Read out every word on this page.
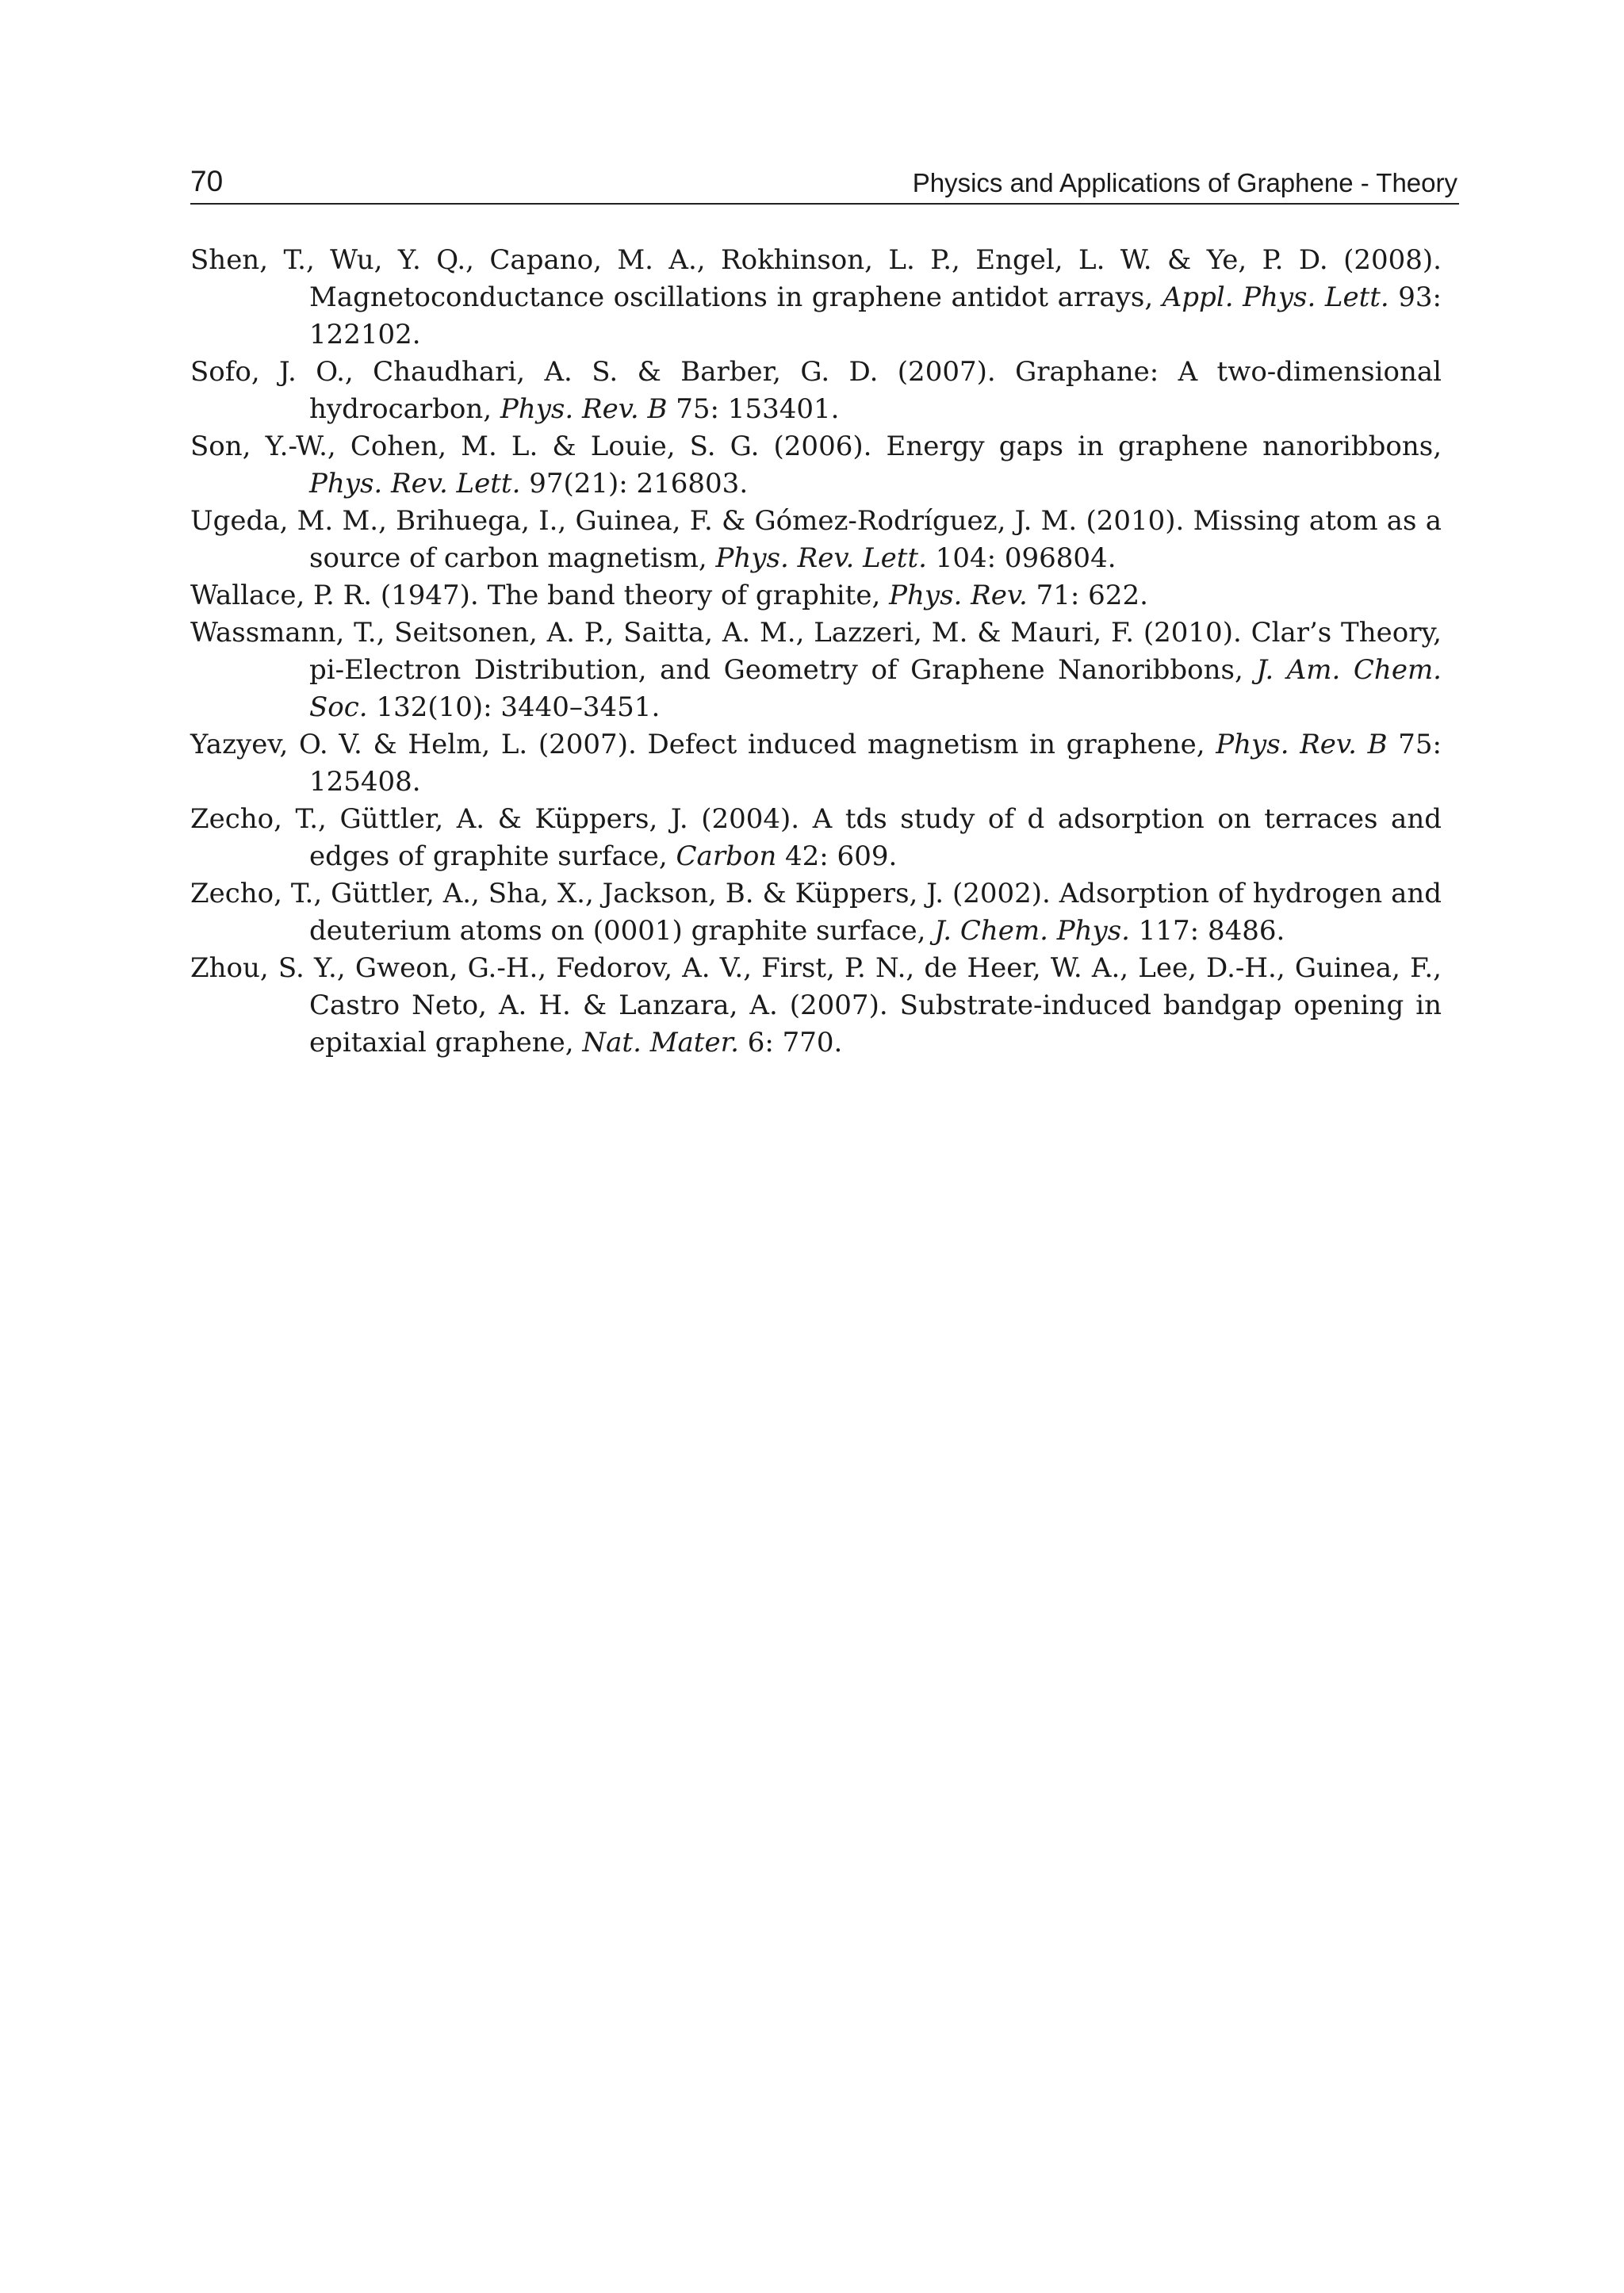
70	Physics and Applications of Graphene - Theory
Shen, T., Wu, Y. Q., Capano, M. A., Rokhinson, L. P., Engel, L. W. & Ye, P. D. (2008). Magnetoconductance oscillations in graphene antidot arrays, Appl. Phys. Lett. 93: 122102.
Sofo, J. O., Chaudhari, A. S. & Barber, G. D. (2007). Graphane: A two-dimensional hydrocarbon, Phys. Rev. B 75: 153401.
Son, Y.-W., Cohen, M. L. & Louie, S. G. (2006). Energy gaps in graphene nanoribbons, Phys. Rev. Lett. 97(21): 216803.
Ugeda, M. M., Brihuega, I., Guinea, F. & Gómez-Rodríguez, J. M. (2010). Missing atom as a source of carbon magnetism, Phys. Rev. Lett. 104: 096804.
Wallace, P. R. (1947). The band theory of graphite, Phys. Rev. 71: 622.
Wassmann, T., Seitsonen, A. P., Saitta, A. M., Lazzeri, M. & Mauri, F. (2010). Clar’s Theory, pi-Electron Distribution, and Geometry of Graphene Nanoribbons, J. Am. Chem. Soc. 132(10): 3440–3451.
Yazyev, O. V. & Helm, L. (2007). Defect induced magnetism in graphene, Phys. Rev. B 75: 125408.
Zecho, T., Güttler, A. & Küppers, J. (2004). A tds study of d adsorption on terraces and edges of graphite surface, Carbon 42: 609.
Zecho, T., Güttler, A., Sha, X., Jackson, B. & Küppers, J. (2002). Adsorption of hydrogen and deuterium atoms on (0001) graphite surface, J. Chem. Phys. 117: 8486.
Zhou, S. Y., Gweon, G.-H., Fedorov, A. V., First, P. N., de Heer, W. A., Lee, D.-H., Guinea, F., Castro Neto, A. H. & Lanzara, A. (2007). Substrate-induced bandgap opening in epitaxial graphene, Nat. Mater. 6: 770.
